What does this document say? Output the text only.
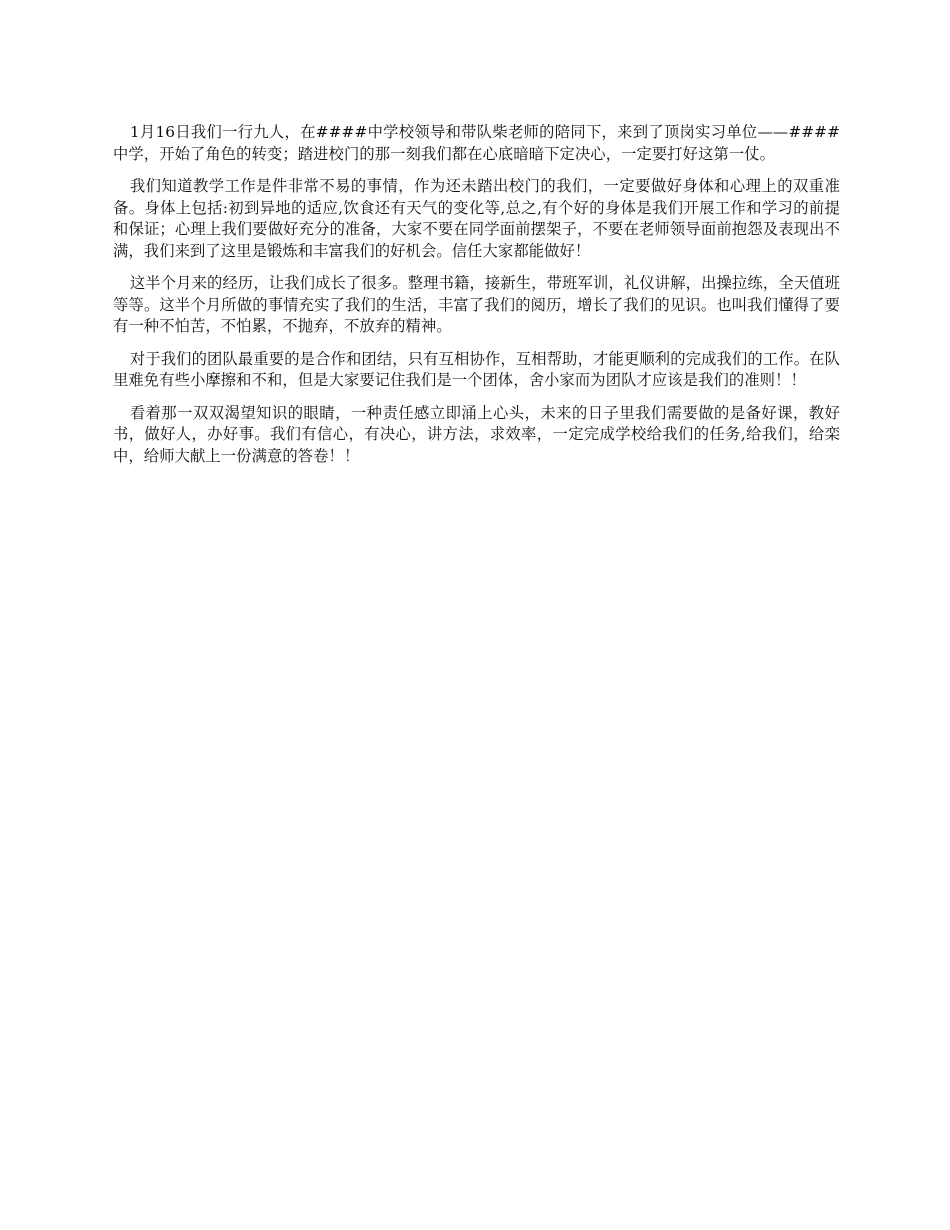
1月16日我们一行九人，在####中学校领导和带队柴老师的陪同下，来到了顶岗实习单位——####中学，开始了角色的转变；踏进校门的那一刻我们都在心底暗暗下定决心，一定要打好这第一仗。

我们知道教学工作是件非常不易的事情，作为还未踏出校门的我们，一定要做好身体和心理上的双重准备。身体上包括:初到异地的适应,饮食还有天气的变化等,总之,有个好的身体是我们开展工作和学习的前提和保证；心理上我们要做好充分的准备，大家不要在同学面前摆架子，不要在老师领导面前抱怨及表现出不满，我们来到了这里是锻炼和丰富我们的好机会。信任大家都能做好！

这半个月来的经历，让我们成长了很多。整理书籍，接新生，带班军训，礼仪讲解，出操拉练，全天值班等等。这半个月所做的事情充实了我们的生活，丰富了我们的阅历，增长了我们的见识。也叫我们懂得了要有一种不怕苦，不怕累，不抛弃，不放弃的精神。

对于我们的团队最重要的是合作和团结，只有互相协作，互相帮助，才能更顺利的完成我们的工作。在队里难免有些小摩擦和不和，但是大家要记住我们是一个团体，舍小家而为团队才应该是我们的准则！！

看着那一双双渴望知识的眼睛，一种责任感立即涌上心头，未来的日子里我们需要做的是备好课，教好书，做好人，办好事。我们有信心，有决心，讲方法，求效率，一定完成学校给我们的任务,给我们，给栾中，给师大献上一份满意的答卷！！
